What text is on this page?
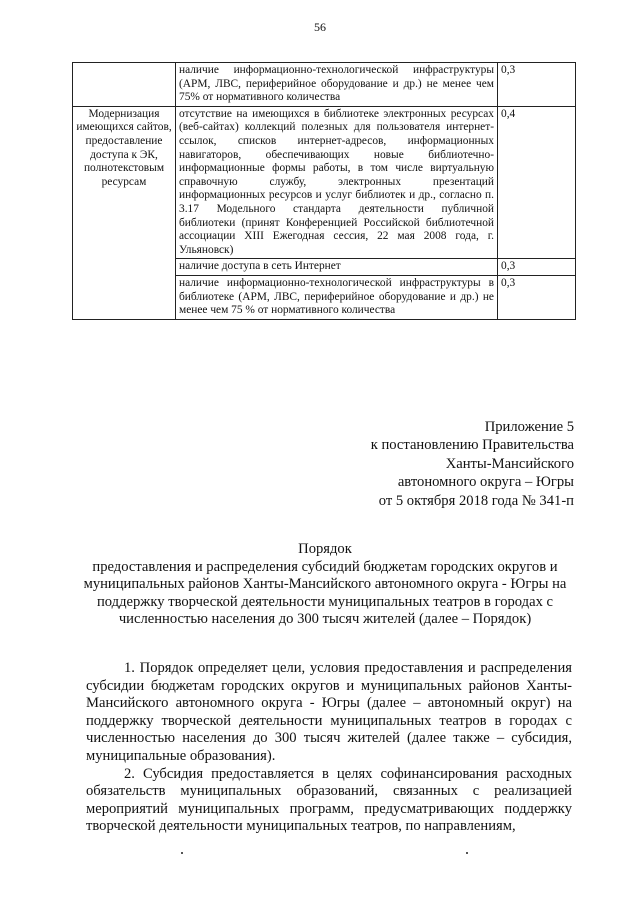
56
	наличие информационно-технологической инфраструктуры (АРМ, ЛВС, периферийное оборудование и др.) не менее чем 75% от нормативного количества	0,3
Модернизация имеющихся сайтов, предоставление доступа к ЭК, полнотекстовым ресурсам	отсутствие на имеющихся в библиотеке электронных ресурсах (веб-сайтах) коллекций полезных для пользователя интернет-ссылок, списков интернет-адресов, информационных навигаторов, обеспечивающих новые библиотечно-информационные формы работы, в том числе виртуальную справочную службу, электронных презентаций информационных ресурсов и услуг библиотек и др., согласно п. 3.17 Модельного стандарта деятельности публичной библиотеки (принят Конференцией Российской библиотечной ассоциации XIII Ежегодная сессия, 22 мая 2008 года, г. Ульяновск)	0,4
	наличие доступа в сеть Интернет	0,3
	наличие информационно-технологической инфраструктуры в библиотеке (АРМ, ЛВС, периферийное оборудование и др.) не менее чем 75 % от нормативного количества	0,3
Приложение 5
к постановлению Правительства
Ханты-Мансийского
автономного округа – Югры
от 5 октября 2018 года № 341-п
Порядок
предоставления и распределения субсидий бюджетам городских округов и муниципальных районов Ханты-Мансийского автономного округа - Югры на поддержку творческой деятельности муниципальных театров в городах с численностью населения до 300 тысяч жителей (далее – Порядок)

1. Порядок определяет цели, условия предоставления и распределения субсидии бюджетам городских округов и муниципальных районов Ханты-Мансийского автономного округа - Югры (далее – автономный округ) на поддержку творческой деятельности муниципальных театров в городах с численностью населения до 300 тысяч жителей (далее также – субсидия, муниципальные образования).

2. Субсидия предоставляется в целях софинансирования расходных обязательств муниципальных образований, связанных с реализацией мероприятий муниципальных программ, предусматривающих поддержку творческой деятельности муниципальных театров, по направлениям,
